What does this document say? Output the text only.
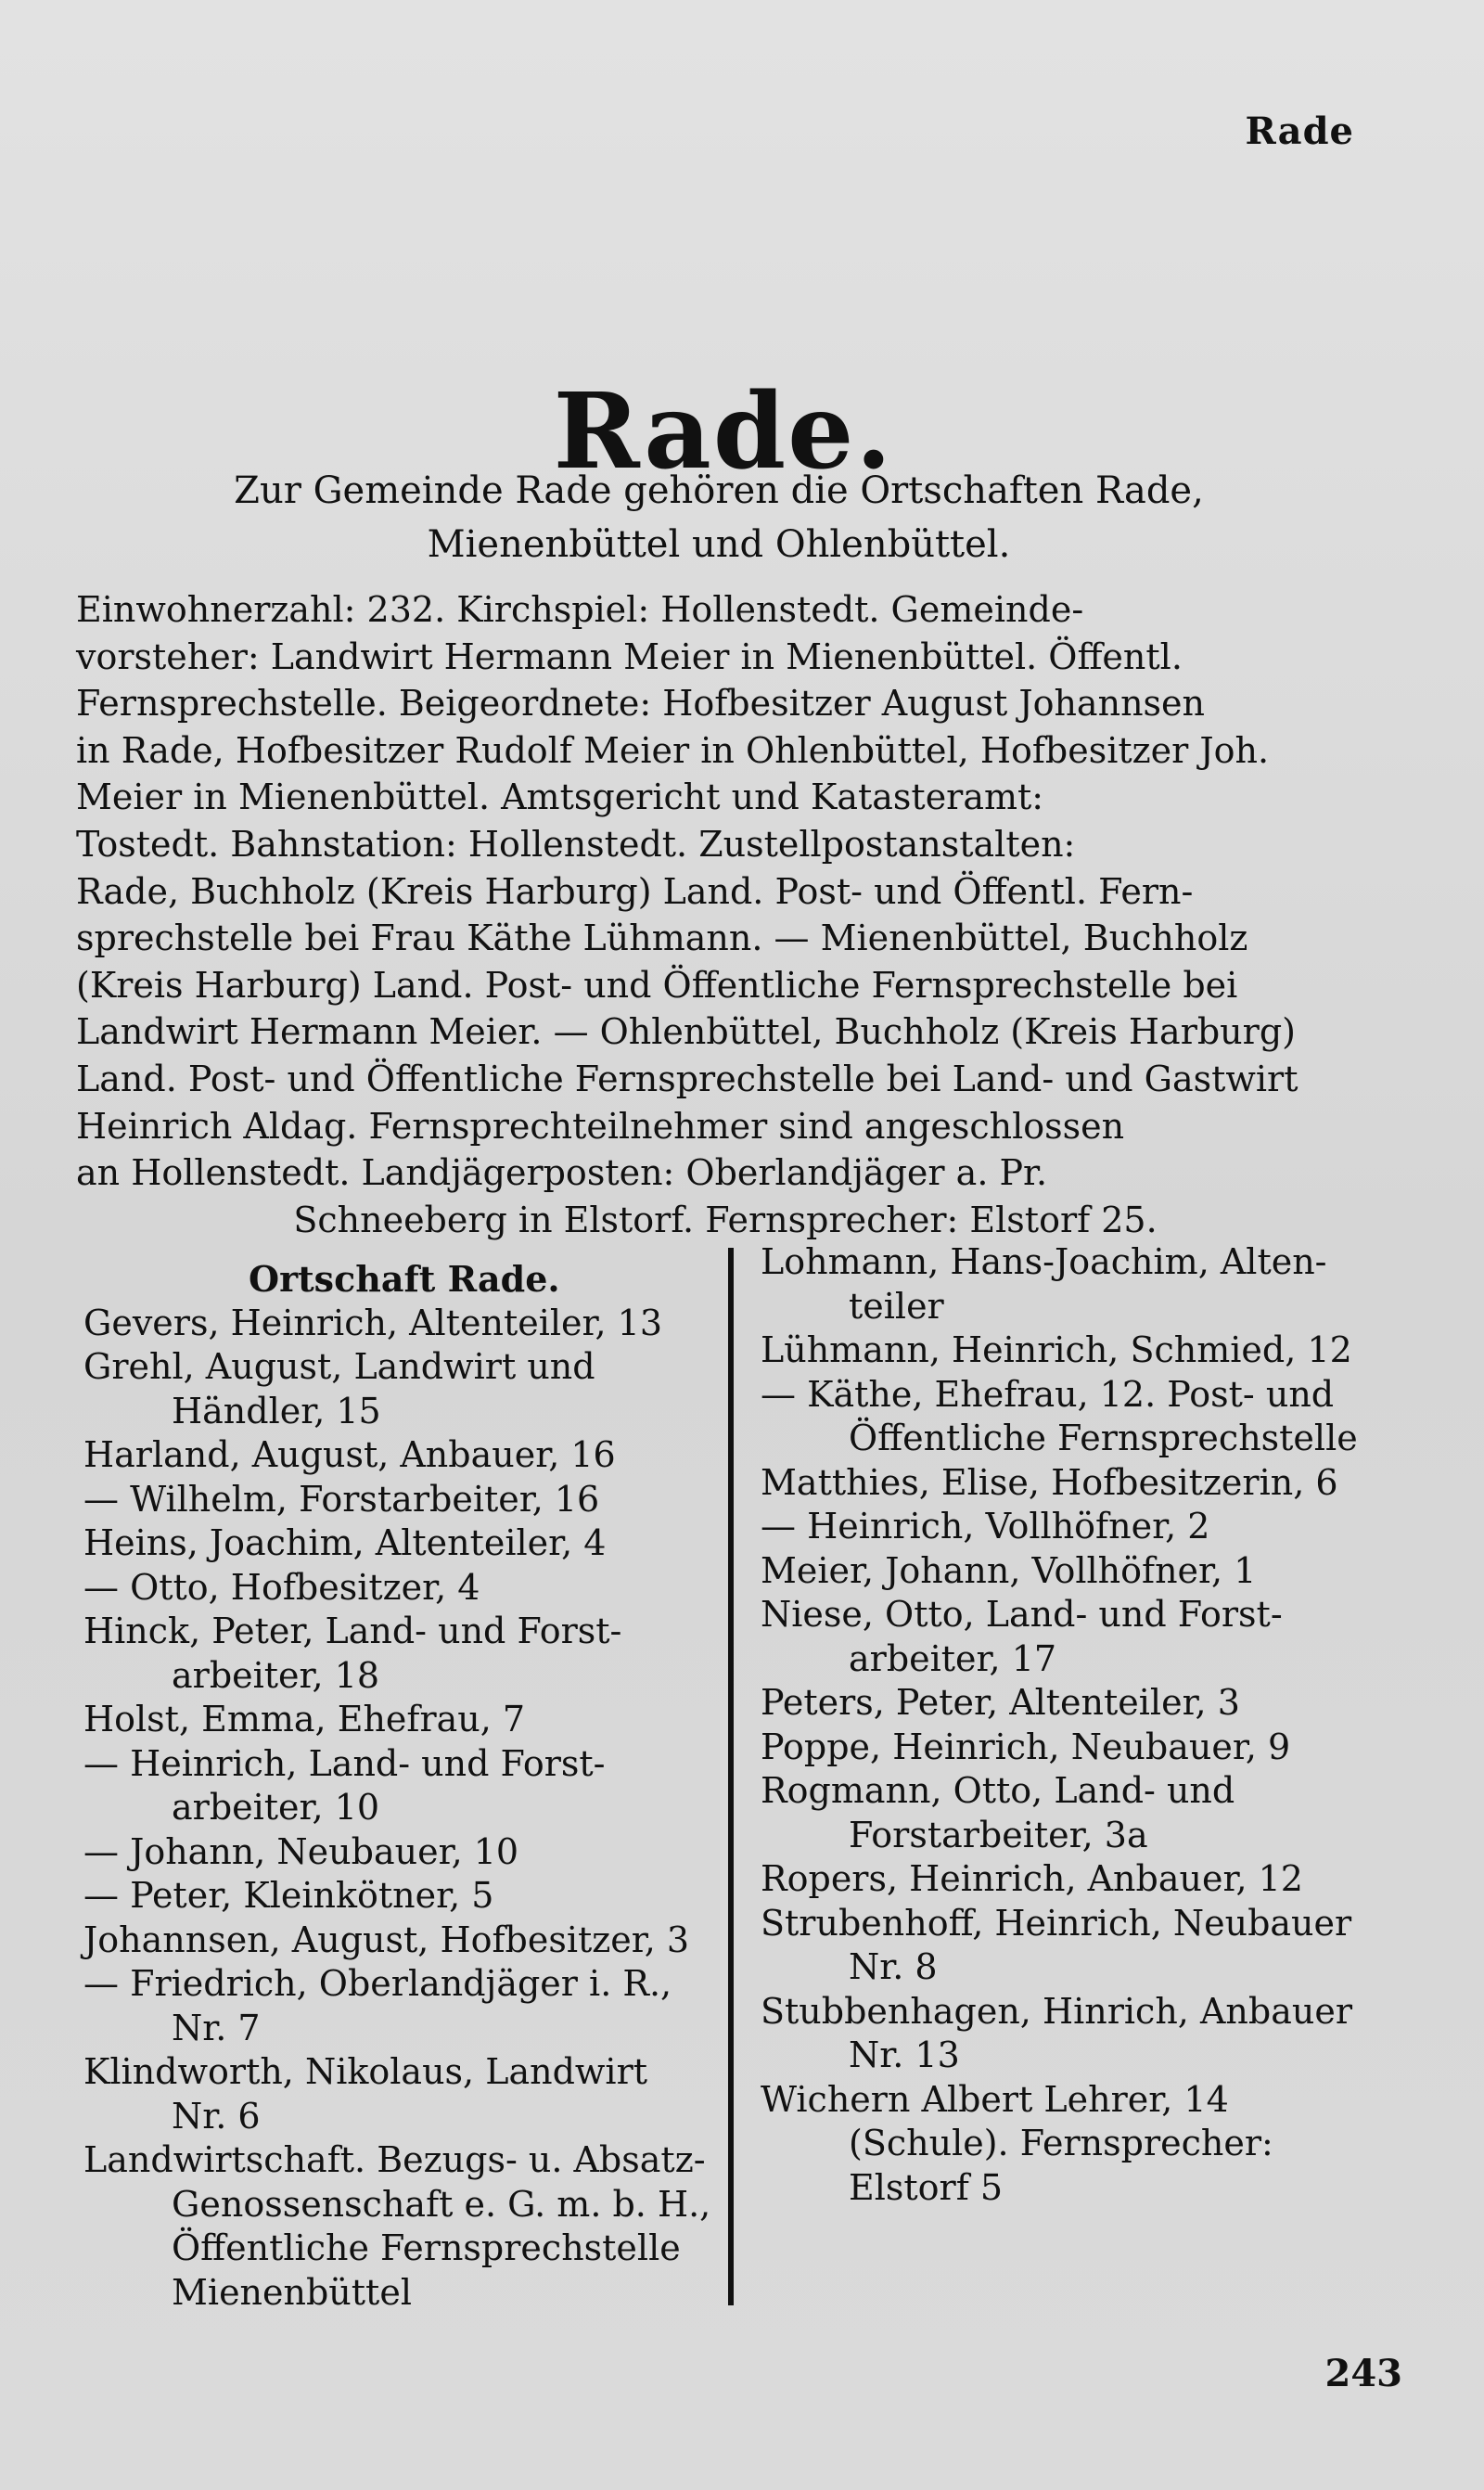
Rade
Rade.
Zur Gemeinde Rade gehören die Ortschaften Rade,
Mienenbüttel und Ohlenbüttel.
Einwohnerzahl: 232. Kirchspiel: Hollenstedt. Gemeinde-
vorsteher: Landwirt Hermann Meier in Mienenbüttel. Öffentl.
Fernsprechstelle. Beigeordnete: Hofbesitzer August Johannsen
in Rade, Hofbesitzer Rudolf Meier in Ohlenbüttel, Hofbesitzer Joh.
Meier in Mienenbüttel. Amtsgericht und Katasteramt:
Tostedt. Bahnstation: Hollenstedt. Zustellpostanstalten:
Rade, Buchholz (Kreis Harburg) Land. Post- und Öffentl. Fern-
sprechstelle bei Frau Käthe Lühmann. — Mienenbüttel, Buchholz
(Kreis Harburg) Land. Post- und Öffentliche Fernsprechstelle bei
Landwirt Hermann Meier. — Ohlenbüttel, Buchholz (Kreis Harburg)
Land. Post- und Öffentliche Fernsprechstelle bei Land- und Gastwirt
Heinrich Aldag. Fernsprechteilnehmer sind angeschlossen
an Hollenstedt. Landjägerposten: Oberlandjäger a. Pr.
Schneeberg in Elstorf. Fernsprecher: Elstorf 25.
Ortschaft Rade.
Gevers, Heinrich, Altenteiler, 13
Grehl, August, Landwirt und
Händler, 15
Harland, August, Anbauer, 16
— Wilhelm, Forstarbeiter, 16
Heins, Joachim, Altenteiler, 4
— Otto, Hofbesitzer, 4
Hinck, Peter, Land- und Forst-
arbeiter, 18
Holst, Emma, Ehefrau, 7
— Heinrich, Land- und Forst-
arbeiter, 10
— Johann, Neubauer, 10
— Peter, Kleinkötner, 5
Johannsen, August, Hofbesitzer, 3
— Friedrich, Oberlandjäger i. R.,
Nr. 7
Klindworth, Nikolaus, Landwirt
Nr. 6
Landwirtschaft. Bezugs- u. Absatz-
Genossenschaft e. G. m. b. H.,
Öffentliche Fernsprechstelle
Mienenbüttel
Lohmann, Hans-Joachim, Alten-
teiler
Lühmann, Heinrich, Schmied, 12
— Käthe, Ehefrau, 12. Post- und
Öffentliche Fernsprechstelle
Matthies, Elise, Hofbesitzerin, 6
— Heinrich, Vollhöfner, 2
Meier, Johann, Vollhöfner, 1
Niese, Otto, Land- und Forst-
arbeiter, 17
Peters, Peter, Altenteiler, 3
Poppe, Heinrich, Neubauer, 9
Rogmann, Otto, Land- und
Forstarbeiter, 3a
Ropers, Heinrich, Anbauer, 12
Strubenhoff, Heinrich, Neubauer
Nr. 8
Stubbenhagen, Hinrich, Anbauer
Nr. 13
Wichern Albert Lehrer, 14
(Schule). Fernsprecher:
Elstorf 5
243
